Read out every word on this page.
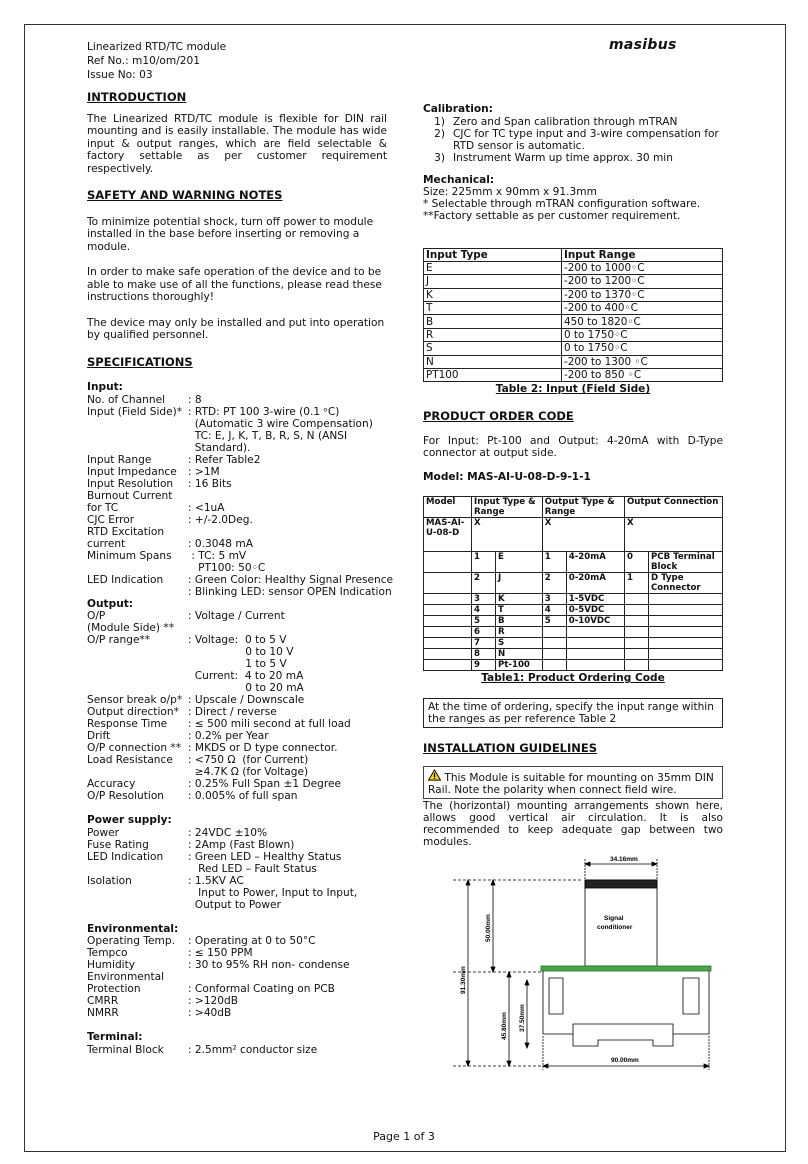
Linearized RTD/TC module
Ref No.: m10/om/201
Issue No: 03
masibus
INTRODUCTION

The Linearized RTD/TC module is flexible for DIN rail mounting and is easily installable. The module has wide input & output ranges, which are field selectable & factory settable as per customer requirement respectively.

SAFETY AND WARNING NOTES

To minimize potential shock, turn off power to module installed in the base before inserting or removing a module.

In order to make safe operation of the device and to be able to make use of all the functions, please read these instructions thoroughly!

The device may only be installed and put into operation by qualified personnel.

SPECIFICATIONS
Input:
No. of Channel	: 8
Input (Field Side)* : RTD: PT 100 3-wire (0.1 ᵒC)
(Automatic 3 wire Compensation)
TC: E, J, K, T, B, R, S, N (ANSI
Standard).
Input Range	: Refer Table2
Input Impedance	: >1M
Input Resolution	: 16 Bits
Burnout Current
for TC	: <1uA
CJC Error	: +/-2.0Deg.
RTD Excitation
current	: 0.3048 mA
Minimum Spans	: TC: 5 mV
PT100: 50◦C
LED Indication	: Green Color: Healthy Signal Presence
: Blinking LED: sensor OPEN Indication
Output:
O/P	: Voltage / Current
(Module Side) **
O/P range**	: Voltage:  0 to 5 V
0 to 10 V
1 to 5 V
Current:  4 to 20 mA
0 to 20 mA
Sensor break o/p* : Upscale / Downscale
Output direction* : Direct / reverse
Response Time	: ≤ 500 mili second at full load
Drift	: 0.2% per Year
O/P connection ** : MKDS or D type connector.
Load Resistance	: <750 Ω  (for Current)
≥4.7K Ω (for Voltage)
Accuracy	: 0.25% Full Span ±1 Degree
O/P Resolution	: 0.005% of full span
Power supply:
Power	: 24VDC ±10%
Fuse Rating	: 2Amp (Fast Blown)
LED Indication	: Green LED – Healthy Status
Red LED – Fault Status
Isolation	: 1.5KV AC
Input to Power, Input to Input,
Output to Power
Environmental:
Operating Temp.	: Operating at 0 to 50°C
Tempco	: ≤ 150 PPM
Humidity	: 30 to 95% RH non- condense
Environmental
Protection	: Conformal Coating on PCB
CMRR	: >120dB
NMRR	: >40dB
Terminal:
Terminal Block	: 2.5mm² conductor size
Calibration:
1) Zero and Span calibration through mTRAN
2) CJC for TC type input and 3-wire compensation for RTD sensor is automatic.
3) Instrument Warm up time approx. 30 min
Mechanical:
Size: 225mm x 90mm x 91.3mm
* Selectable through mTRAN configuration software.
**Factory settable as per customer requirement.
Input Type	Input Range
E	-200 to 1000◦C
J	-200 to 1200◦C
K	-200 to 1370◦C
T	-200 to 400◦C
B	450 to 1820◦C
R	0 to 1750◦C
S	0 to 1750◦C
N	-200 to 1300 ◦C
PT100	-200 to 850 ◦C
Table 2: Input (Field Side)
PRODUCT ORDER CODE

For Input: Pt-100 and Output: 4-20mA with D-Type connector at output side.

Model: MAS-AI-U-08-D-9-1-1
Model	Input Type & Range		Output Type & Range		Output Connection	
MAS-AI-U-08-D	X		X		X	
	1	E	1	4-20mA	0	PCB Terminal Block
	2	J	2	0-20mA	1	D Type Connector
	3	K	3	1-5VDC		
	4	T	4	0-5VDC		
	5	B	5	0-10VDC		
	6	R				
	7	S				
	8	N				
	9	Pt-100				
Table1: Product Ordering Code
At the time of ordering, specify the input range within the ranges as per reference Table 2
INSTALLATION GUIDELINES
This Module is suitable for mounting on 35mm DIN Rail. Note the polarity when connect field wire.

The (horizontal) mounting arrangements shown here, allows good vertical air circulation. It is also recommended to keep adequate gap between two modules.

34.16mm
90.00mm
91.30mm
50.00mm
45.80mm 37.50mm
Signal
conditioner
Page 1 of 3
